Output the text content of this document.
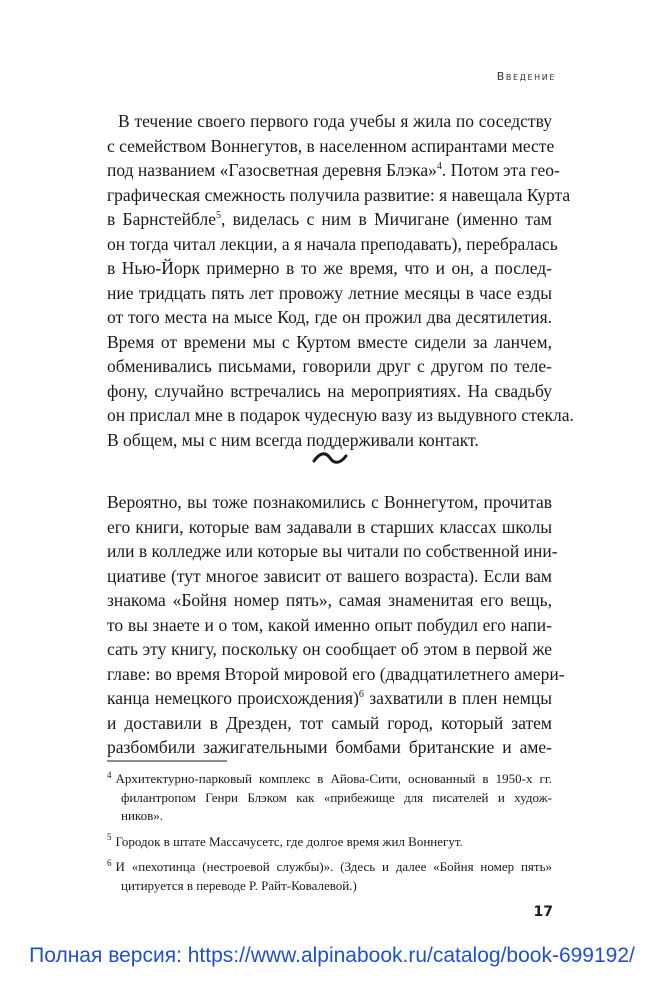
Введение
В течение своего первого года учебы я жила по соседству
с семейством Воннегутов, в населенном аспирантами месте
под названием «Газосветная деревня Блэка»$^4$. Потом эта гео-
графическая смежность получила развитие: я навещала Курта
в Барнстейбле$^5$, виделась с ним в Мичигане (именно там
он тогда читал лекции, а я начала преподавать), перебралась
в Нью-Йорк примерно в то же время, что и он, а послед-
ние тридцать пять лет провожу летние месяцы в часе езды
от того места на мысе Код, где он прожил два десятилетия.
Время от времени мы с Куртом вместе сидели за ланчем,
обменивались письмами, говорили друг с другом по теле-
фону, случайно встречались на мероприятиях. На свадьбу
он прислал мне в подарок чудесную вазу из выдувного стекла.
В общем, мы с ним всегда поддерживали контакт.
Вероятно, вы тоже познакомились с Воннегутом, прочитав
его книги, которые вам задавали в старших классах школы
или в колледже или которые вы читали по собственной ини-
циативе (тут многое зависит от вашего возраста). Если вам
знакома «Бойня номер пять», самая знаменитая его вещь,
то вы знаете и о том, какой именно опыт побудил его напи-
сать эту книгу, поскольку он сообщает об этом в первой же
главе: во время Второй мировой его (двадцатилетнего амери-
канца немецкого происхождения)$^6$ захватили в плен немцы
и доставили в Дрезден, тот самый город, который затем
разбомбили зажигательными бомбами британские и аме-
$^4$ Архитектурно-парковый комплекс в Айова-Сити, основанный в 1950-х гг.
филантропом Генри Блэком как «прибежище для писателей и худож-
ников».
$^5$ Городок в штате Массачусетс, где долгое время жил Воннегут.
$^6$ И «пехотинца (нестроевой службы)». (Здесь и далее «Бойня номер пять»
цитируется в переводе Р. Райт-Ковалевой.)
17
Полная версия: https://www.alpinabook.ru/catalog/book-699192/
